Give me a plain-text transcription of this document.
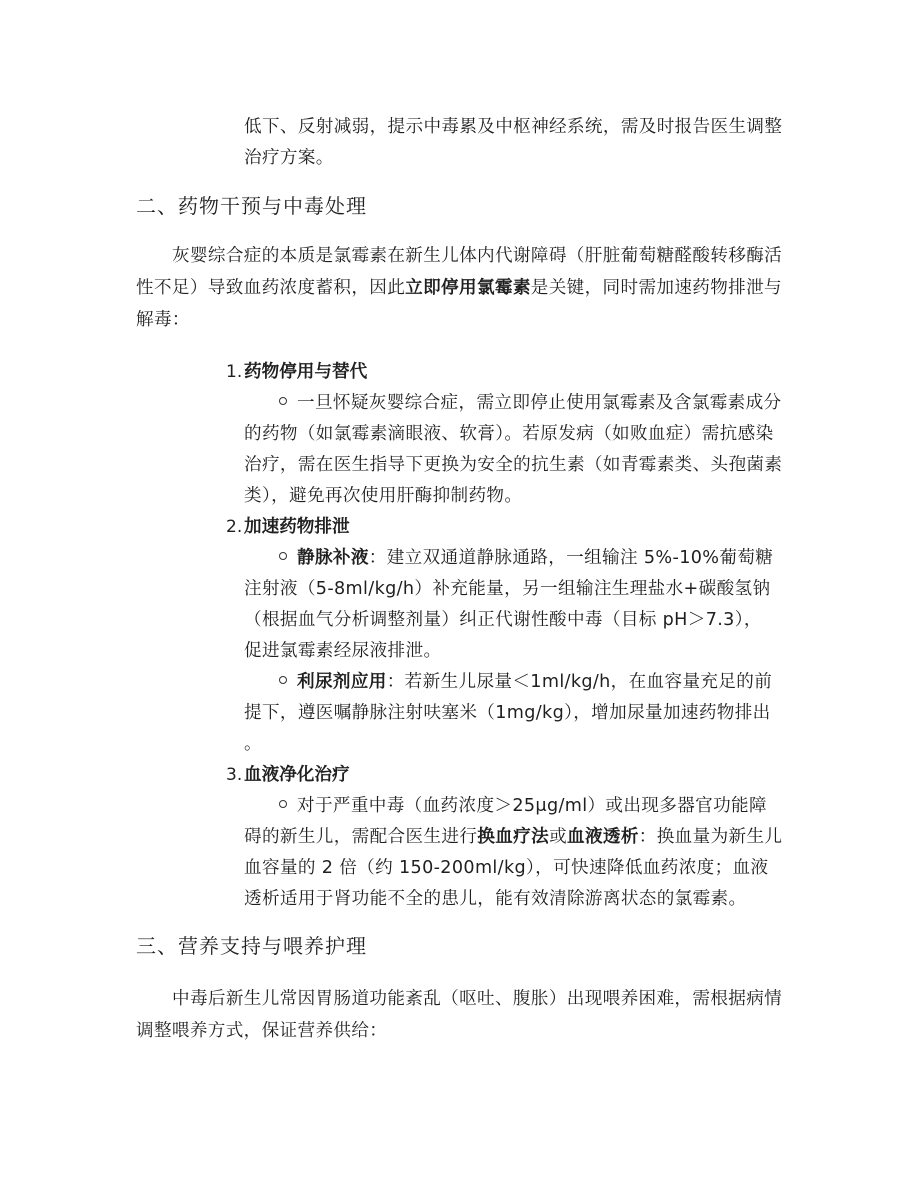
低下、反射减弱，提示中毒累及中枢神经系统，需及时报告医生调整
治疗方案。
二、药物干预与中毒处理
灰婴综合症的本质是氯霉素在新生儿体内代谢障碍（肝脏葡萄糖醛酸转移酶活
性不足）导致血药浓度蓄积，因此立即停用氯霉素是关键，同时需加速药物排泄与
解毒：
1. 药物停用与替代
一旦怀疑灰婴综合症，需立即停止使用氯霉素及含氯霉素成分
的药物（如氯霉素滴眼液、软膏）。若原发病（如败血症）需抗感染
治疗，需在医生指导下更换为安全的抗生素（如青霉素类、头孢菌素
类），避免再次使用肝酶抑制药物。
2. 加速药物排泄
静脉补液：建立双通道静脉通路，一组输注 5%-10%葡萄糖
注射液（5-8ml/kg/h）补充能量，另一组输注生理盐水+碳酸氢钠
（根据血气分析调整剂量）纠正代谢性酸中毒（目标 pH＞7.3），
促进氯霉素经尿液排泄。
利尿剂应用：若新生儿尿量＜1ml/kg/h，在血容量充足的前
提下，遵医嘱静脉注射呋塞米（1mg/kg），增加尿量加速药物排出
。
3. 血液净化治疗
对于严重中毒（血药浓度＞25μg/ml）或出现多器官功能障
碍的新生儿，需配合医生进行换血疗法或血液透析：换血量为新生儿
血容量的 2 倍（约 150-200ml/kg），可快速降低血药浓度；血液
透析适用于肾功能不全的患儿，能有效清除游离状态的氯霉素。
三、营养支持与喂养护理
中毒后新生儿常因胃肠道功能紊乱（呕吐、腹胀）出现喂养困难，需根据病情
调整喂养方式，保证营养供给：
